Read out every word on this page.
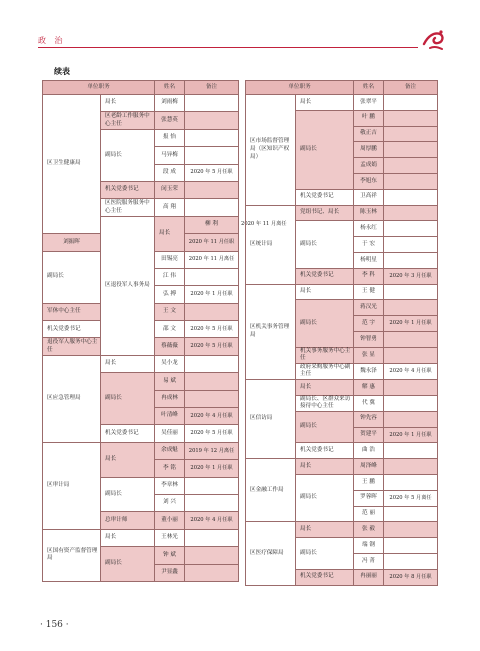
政 治
续表
单位职务		姓名	备注	
区卫生健康局	局长	刘雨梅		
	区老龄工作服务中心主任	张慧英		
	副局长	报 怡		
		马异梅		
		段 成	2020 年 5 月任职	
	机关党委书记	闵玉荣		
	区医院服务服务中心主任	高 翔		
	区退役军人事务局	局长	柳 利	2020 年 11 月离任
刘振晖			2020 年 11 月任职	
副局长		田锡亮	2020 年 11 月离任	
		江 伟		
		弘 搏	2020 年 1 月任职	
军休中心主任		王 文		
机关党委书记		邵 文	2020 年 5 月任职	
退役军人服务中心主任		蔡薇薇	2020 年 5 月任职	
区应急管理局	局长	吴小龙		
	副局长	易 斌		
		冉成林		
		叶清峰	2020 年 4 月任职	
	机关党委书记	吴佳丽	2020 年 5 月任职	
区审计局	局长	余成魁	2019 年 12 月离任	
		李 铭	2020 年 1 月任职	
	副局长	李章林		
		刘 兴		
	总审计师	董小丽	2020 年 4 月任职	
区国有资产监督管理局	局长	王林光		
	副局长	钟 斌		
		尹显鑫		
单位职务		姓名	备注
区市场监督管理局（区知识产权局）	局长	张翠平	
	副局长	叶 鹏	
		敬正吉	
		周厚鹏	
		孟成娟	
		李旭东	
	机关党委书记	卫高祥	
区统计局	党组书记、局长	陈玉林	
	副局长	杨永红	
		于 宏	
		杨明星	
	机关党委书记	李 科	2020 年 3 月任职
区机关事务管理局	局长	王 健	
	副局长	蒋汉光	
		范 宇	2020 年 1 月任职
		钟智勇	
	机关事务服务中心主任	张 显	
	政府采购服务中心副主任	魏永泽	2020 年 4 月任职
区信访局	局长	解 惠	
	副局长、区群众来访接待中心主任	代 冀	
	副局长	钟先容	
		贺建平	2020 年 1 月任职
	机关党委书记	曲 浩	
区金融工作局	局长	周泽峰	
	副局长	王 鹏	
		罗蓉晖	2020 年 5 月离任
		范 丽	
区医疗保障局	局长	张 毅	
	副局长	端 钢	
		冯 菁	
	机关党委书记	冉丽丽	2020 年 8 月任职
· 156 ·
